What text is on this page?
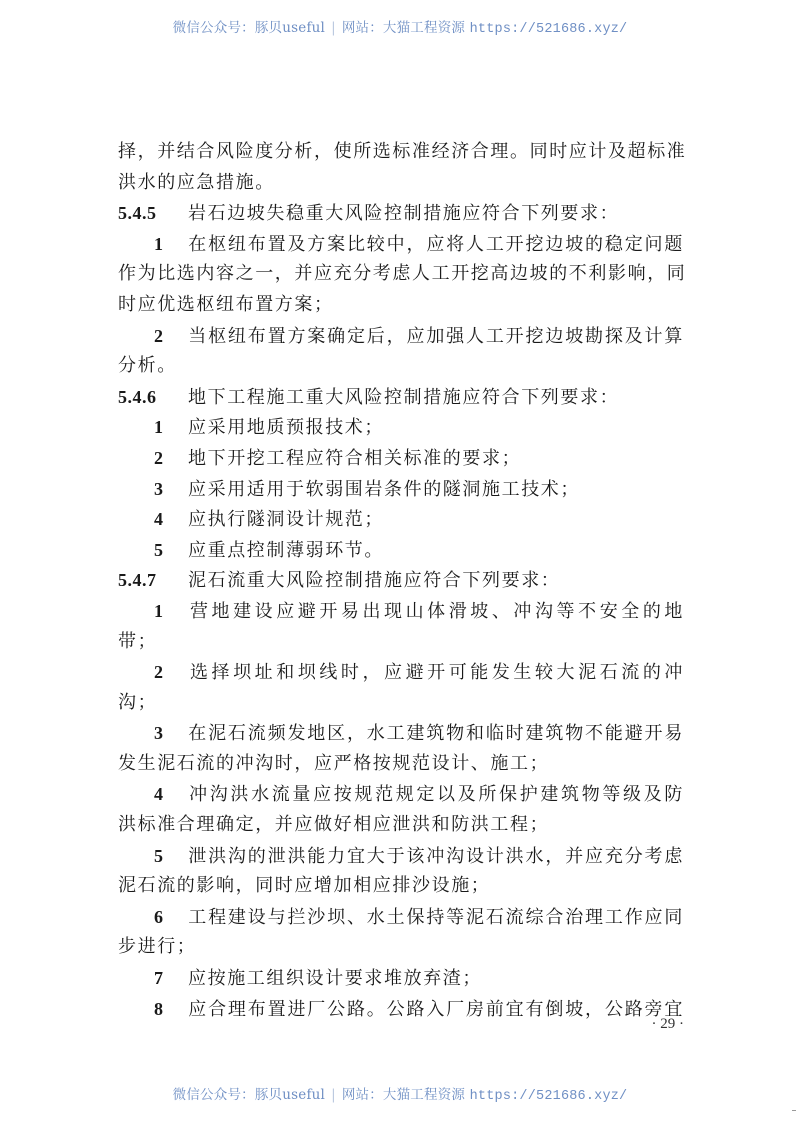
微信公众号：豚贝useful | 网站：大猫工程资源 https://521686.xyz/
择，并结合风险度分析，使所选标准经济合理。同时应计及超标准
洪水的应急措施。
5.4.5 岩石边坡失稳重大风险控制措施应符合下列要求：
1 在枢纽布置及方案比较中，应将人工开挖边坡的稳定问题
作为比选内容之一，并应充分考虑人工开挖高边坡的不利影响，同
时应优选枢纽布置方案；
2 当枢纽布置方案确定后，应加强人工开挖边坡勘探及计算
分析。
5.4.6 地下工程施工重大风险控制措施应符合下列要求：
1 应采用地质预报技术；
2 地下开挖工程应符合相关标准的要求；
3 应采用适用于软弱围岩条件的隧洞施工技术；
4 应执行隧洞设计规范；
5 应重点控制薄弱环节。
5.4.7 泥石流重大风险控制措施应符合下列要求：
1 营地建设应避开易出现山体滑坡、冲沟等不安全的地
带；
2 选择坝址和坝线时，应避开可能发生较大泥石流的冲
沟；
3 在泥石流频发地区，水工建筑物和临时建筑物不能避开易
发生泥石流的冲沟时，应严格按规范设计、施工；
4 冲沟洪水流量应按规范规定以及所保护建筑物等级及防
洪标准合理确定，并应做好相应泄洪和防洪工程；
5 泄洪沟的泄洪能力宜大于该冲沟设计洪水，并应充分考虑
泥石流的影响，同时应增加相应排沙设施；
6 工程建设与拦沙坝、水土保持等泥石流综合治理工作应同
步进行；
7 应按施工组织设计要求堆放弃渣；
8 应合理布置进厂公路。公路入厂房前宜有倒坡，公路旁宜
· 29 ·
微信公众号：豚贝useful | 网站：大猫工程资源 https://521686.xyz/
